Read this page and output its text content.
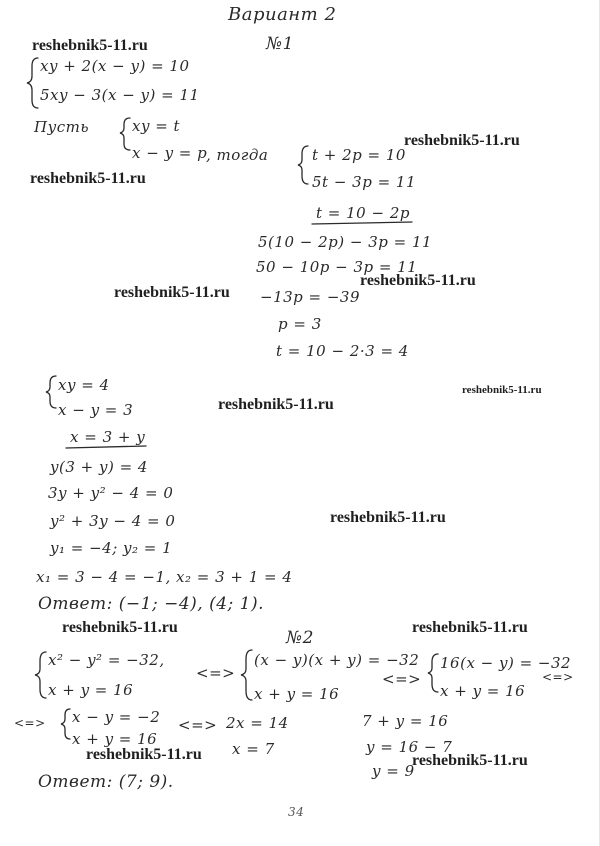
Вариант 2
№1
xy + 2(x − y) = 10
5xy − 3(x − y) = 11
Пусть	xy = t
x − y = p
, тогда	t + 2p = 10
5t − 3p = 11
t = 10 − 2p
5(10 − 2p) − 3p = 11
50 − 10p − 3p = 11
−13p = −39
p = 3
t = 10 − 2·3 = 4
xy = 4
x − y = 3
x = 3 + y
y(3 + y) = 4
3y + y² − 4 = 0
y² + 3y − 4 = 0
y₁ = −4; y₂ = 1
x₁ = 3 − 4 = −1, x₂ = 3 + 1 = 4
Ответ: (−1; −4), (4; 1).
№2
x² − y² = −32,
x + y = 16
<=>
(x − y)(x + y) = −32
x + y = 16
<=>
16(x − y) = −32
x + y = 16
<=>
<=> x − y = −2
x + y = 16
<=> 2x = 14
x = 7
7 + y = 16
y = 16 − 7
y = 9
Ответ: (7; 9).
34
reshebnik5-11.ru
reshebnik5-11.ru
reshebnik5-11.ru
reshebnik5-11.ru
reshebnik5-11.ru
reshebnik5-11.ru
reshebnik5-11.ru
reshebnik5-11.ru
reshebnik5-11.ru	reshebnik5-11.ru
reshebnik5-11.ru	reshebnik5-11.ru
